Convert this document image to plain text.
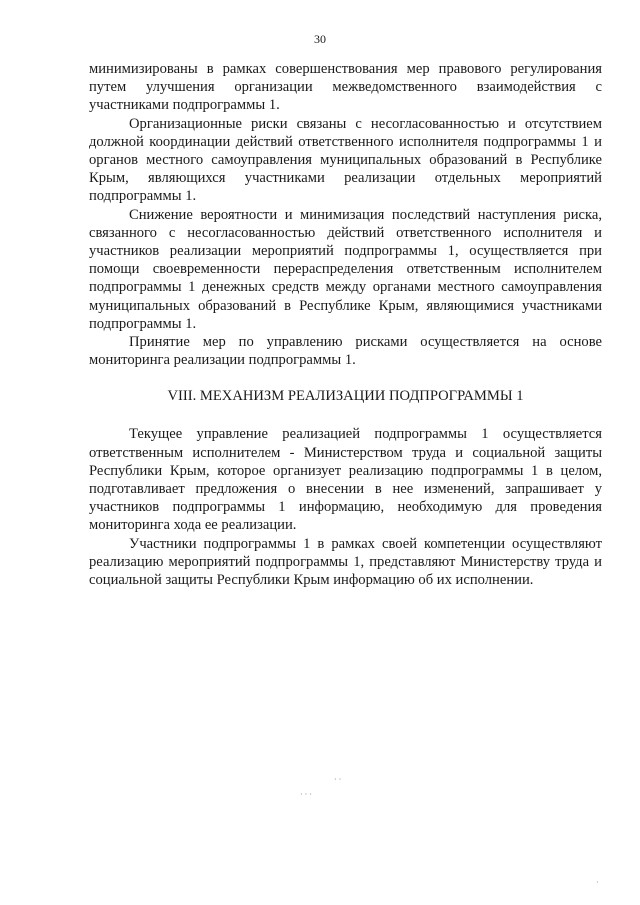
30

минимизированы в рамках совершенствования мер правового регулирования путем улучшения организации межведомственного взаимодействия с участниками подпрограммы 1.

Организационные риски связаны с несогласованностью и отсутствием должной координации действий ответственного исполнителя подпрограммы 1 и органов местного самоуправления муниципальных образований в Республике Крым, являющихся участниками реализации отдельных мероприятий подпрограммы 1.

Снижение вероятности и минимизация последствий наступления риска, связанного с несогласованностью действий ответственного исполнителя и участников реализации мероприятий подпрограммы 1, осуществляется при помощи своевременности перераспределения ответственным исполнителем подпрограммы 1 денежных средств между органами местного самоуправления муниципальных образований в Республике Крым, являющимися участниками подпрограммы 1.

Принятие мер по управлению рисками осуществляется на основе мониторинга реализации подпрограммы 1.

VIII. МЕХАНИЗМ РЕАЛИЗАЦИИ ПОДПРОГРАММЫ 1

Текущее управление реализацией подпрограммы 1 осуществляется ответственным исполнителем - Министерством труда и социальной защиты Республики Крым, которое организует реализацию подпрограммы 1 в целом, подготавливает предложения о внесении в нее изменений, запрашивает у участников подпрограммы 1 информацию, необходимую для проведения мониторинга хода ее реализации.

Участники подпрограммы 1 в рамках своей компетенции осуществляют реализацию мероприятий подпрограммы 1, представляют Министерству труда и социальной защиты Республики Крым информацию об их исполнении.

· ·
· · ·
·
